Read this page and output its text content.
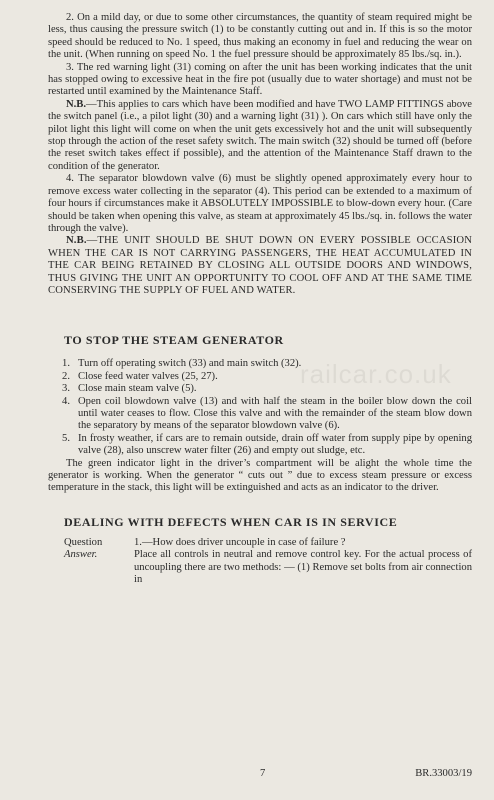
2. On a mild day, or due to some other circumstances, the quantity of steam required might be less, thus causing the pressure switch (1) to be constantly cutting out and in. If this is so the motor speed should be reduced to No. 1 speed, thus making an economy in fuel and reducing the wear on the unit. (When running on speed No. 1 the fuel pressure should be approximately 85 lbs./sq. in.).

3. The red warning light (31) coming on after the unit has been working indicates that the unit has stopped owing to excessive heat in the fire pot (usually due to water shortage) and must not be restarted until examined by the Maintenance Staff.

N.B.—This applies to cars which have been modified and have TWO LAMP FITTINGS above the switch panel (i.e., a pilot light (30) and a warning light (31) ). On cars which still have only the pilot light this light will come on when the unit gets excessively hot and the unit will subsequently stop through the action of the reset safety switch. The main switch (32) should be turned off (before the reset switch takes effect if possible), and the attention of the Maintenance Staff drawn to the condition of the generator.

4. The separator blowdown valve (6) must be slightly opened approximately every hour to remove excess water collecting in the separator (4). This period can be extended to a maximum of four hours if circumstances make it ABSOLUTELY IMPOSSIBLE to blow-down every hour. (Care should be taken when opening this valve, as steam at approximately 45 lbs./sq. in. follows the water through the valve).

N.B.—THE UNIT SHOULD BE SHUT DOWN ON EVERY POSSIBLE OCCASION WHEN THE CAR IS NOT CARRYING PASSENGERS, THE HEAT ACCUMULATED IN THE CAR BEING RETAINED BY CLOSING ALL OUTSIDE DOORS AND WINDOWS, THUS GIVING THE UNIT AN OPPORTUNITY TO COOL OFF AND AT THE SAME TIME CONSERVING THE SUPPLY OF FUEL AND WATER.

TO STOP THE STEAM GENERATOR
1. Turn off operating switch (33) and main switch (32).
2. Close feed water valves (25, 27).
3. Close main steam valve (5).
4. Open coil blowdown valve (13) and with half the steam in the boiler blow down the coil until water ceases to flow. Close this valve and with the remainder of the steam blow down the separatory by means of the separator blowdown valve (6).
5. In frosty weather, if cars are to remain outside, drain off water from supply pipe by opening valve (28), also unscrew water filter (26) and empty out sludge, etc.

The green indicator light in the driver’s compartment will be alight the whole time the generator is working. When the generator “ cuts out ” due to excess steam pressure or excess temperature in the stack, this light will be extinguished and acts as an indicator to the driver.

DEALING WITH DEFECTS WHEN CAR IS IN SERVICE
Question	1.—How does driver uncouple in case of failure ?
Answer.	Place all controls in neutral and remove control key. For the actual process of uncoupling there are two methods: — (1) Remove set bolts from air connection in
railcar.co.uk
7	BR.33003/19
